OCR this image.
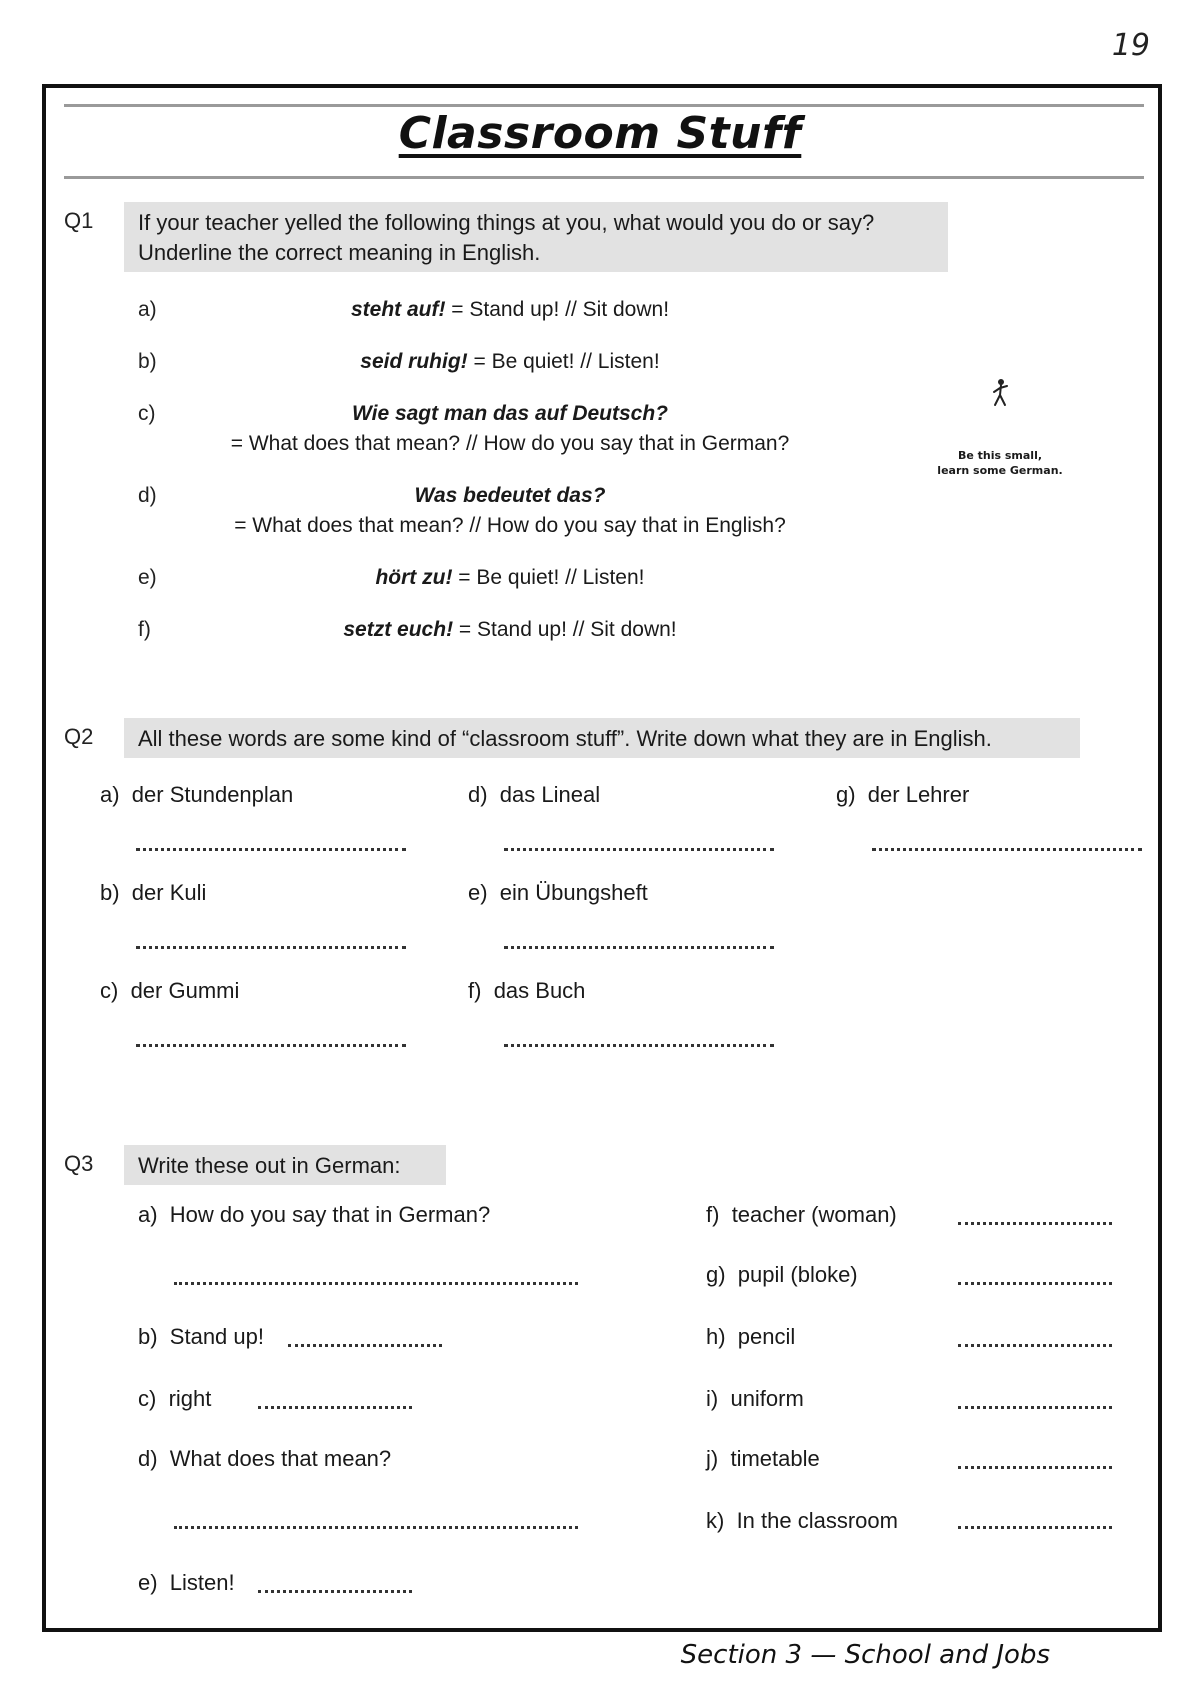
19
Classroom Stuff
Q1 If your teacher yelled the following things at you, what would you do or say?
Underline the correct meaning in English.
a)	steht auf! = Stand up! // Sit down!
b)	seid ruhig! = Be quiet! // Listen!
c)	Wie sagt man das auf Deutsch?
= What does that mean? // How do you say that in German?
d)	Was bedeutet das?
= What does that mean? // How do you say that in English?
e)	hört zu! = Be quiet! // Listen!
f)	setzt euch! = Stand up! // Sit down!
Be this small,
learn some German.
Q2	All these words are some kind of “classroom stuff”. Write down what they are in English.
a) der Stundenplan
b) der Kuli
c) der Gummi
d) das Lineal
e) ein Übungsheft
f) das Buch
g) der Lehrer
Q3	Write these out in German:
a) How do you say that in German?
b) Stand up!
c) right
d) What does that mean?
e) Listen!
f) teacher (woman)
g) pupil (bloke)
h) pencil
i) uniform
j) timetable
k) In the classroom
Section 3 — School and Jobs
